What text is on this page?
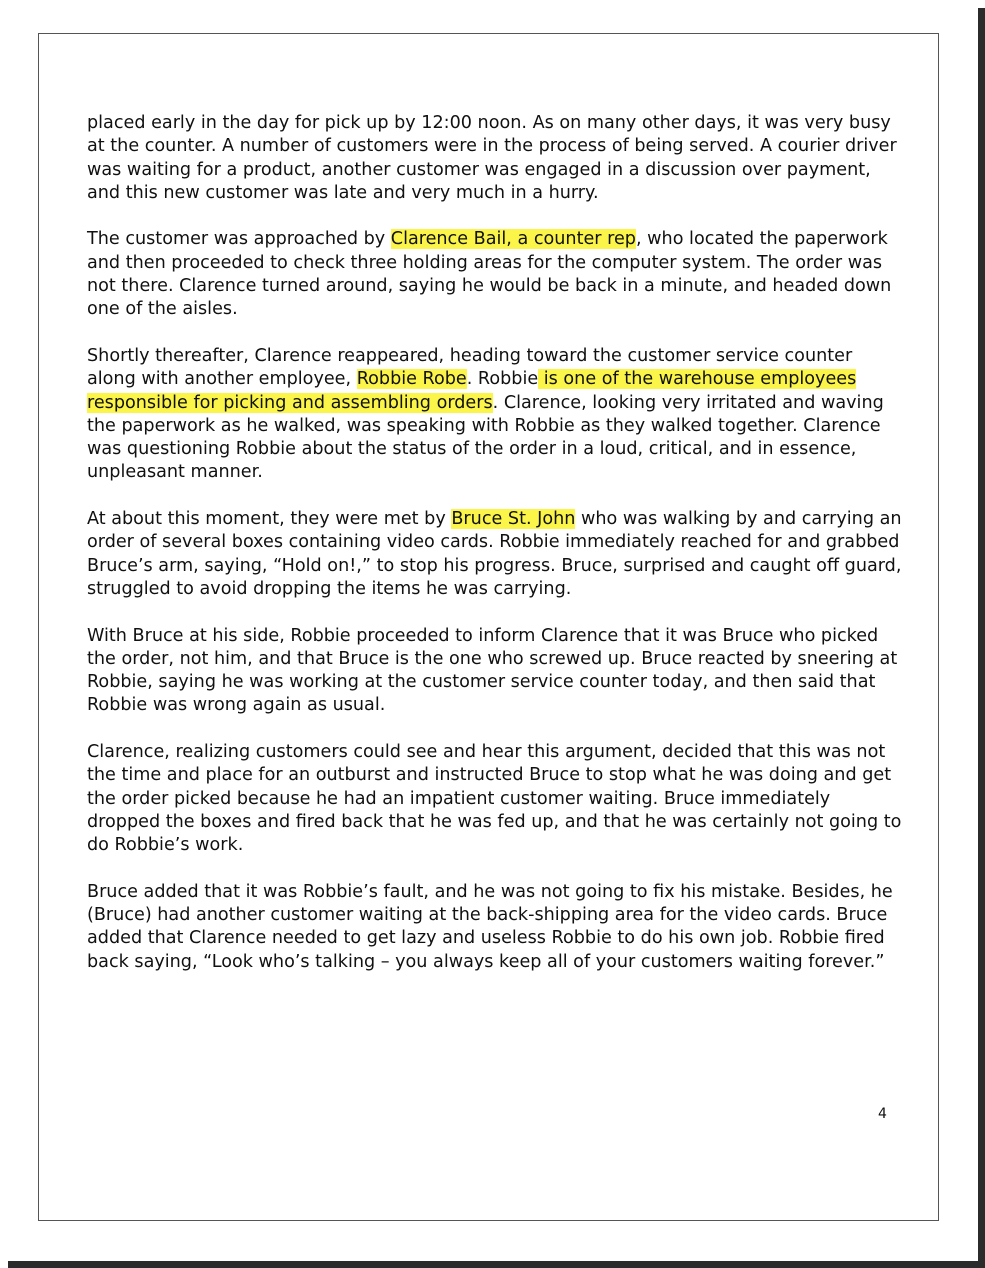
placed early in the day for pick up by 12:00 noon. As on many other days, it was very busy at the counter. A number of customers were in the process of being served. A courier driver was waiting for a product, another customer was engaged in a discussion over payment, and this new customer was late and very much in a hurry.

The customer was approached by Clarence Bail, a counter rep, who located the paperwork and then proceeded to check three holding areas for the computer system. The order was not there. Clarence turned around, saying he would be back in a minute, and headed down one of the aisles.

Shortly thereafter, Clarence reappeared, heading toward the customer service counter along with another employee, Robbie Robe. Robbie is one of the warehouse employees responsible for picking and assembling orders. Clarence, looking very irritated and waving the paperwork as he walked, was speaking with Robbie as they walked together. Clarence was questioning Robbie about the status of the order in a loud, critical, and in essence, unpleasant manner.

At about this moment, they were met by Bruce St. John who was walking by and carrying an order of several boxes containing video cards. Robbie immediately reached for and grabbed Bruce’s arm, saying, “Hold on!,” to stop his progress. Bruce, surprised and caught off guard, struggled to avoid dropping the items he was carrying.

With Bruce at his side, Robbie proceeded to inform Clarence that it was Bruce who picked the order, not him, and that Bruce is the one who screwed up. Bruce reacted by sneering at Robbie, saying he was working at the customer service counter today, and then said that Robbie was wrong again as usual.

Clarence, realizing customers could see and hear this argument, decided that this was not the time and place for an outburst and instructed Bruce to stop what he was doing and get the order picked because he had an impatient customer waiting. Bruce immediately dropped the boxes and fired back that he was fed up, and that he was certainly not going to do Robbie’s work.

Bruce added that it was Robbie’s fault, and he was not going to fix his mistake. Besides, he (Bruce) had another customer waiting at the back-shipping area for the video cards. Bruce added that Clarence needed to get lazy and useless Robbie to do his own job. Robbie fired back saying, “Look who’s talking – you always keep all of your customers waiting forever.”

4
